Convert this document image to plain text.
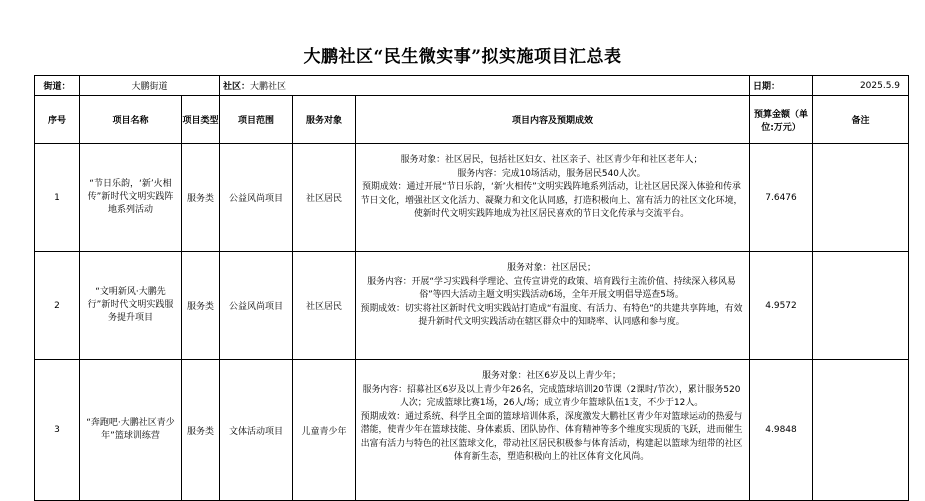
大鹏社区“民生微实事”拟实施项目汇总表
街道：	大鹏街道		社区：大鹏社区			日期：	2025.5.9
序号	项目名称	项目类型	项目范围	服务对象	项目内容及预期成效	预算金额（单位:万元）	备注
1	“节日乐韵，‘新’火相传”新时代文明实践阵地系列活动	服务类	公益风尚项目	社区居民	服务对象：社区居民，包括社区妇女、社区亲子、社区青少年和社区老年人；
服务内容：完成10场活动，服务居民540人次。
预期成效：通过开展“节日乐韵，‘新’火相传”文明实践阵地系列活动，让社区居民深入体验和传承节日文化，增强社区文化活力、凝聚力和文化认同感，打造积极向上、富有活力的社区文化环境，使新时代文明实践阵地成为社区居民喜欢的节日文化传承与交流平台。	7.6476	
2	“文明新风·大鹏先行”新时代文明实践服务提升项目	服务类	公益风尚项目	社区居民	服务对象：社区居民；
服务内容：开展“学习实践科学理论、宣传宣讲党的政策、培育践行主流价值、持续深入移风易俗”等四大活动主题文明实践活动6场，全年开展文明倡导巡查5场。
预期成效：切实将社区新时代文明实践站打造成“有温度、有活力、有特色”的共建共享阵地，有效提升新时代文明实践活动在辖区群众中的知晓率、认同感和参与度。	4.9572	
3	“奔跑吧·大鹏社区青少年”篮球训练营	服务类	文体活动项目	儿童青少年	服务对象：社区6岁及以上青少年；
服务内容：招募社区6岁及以上青少年26名，完成篮球培训20节课（2课时/节次），累计服务520人次；完成篮球比赛1场，26人/场；成立青少年篮球队伍1支，不少于12人。
预期成效：通过系统、科学且全面的篮球培训体系，深度激发大鹏社区青少年对篮球运动的热爱与潜能，使青少年在篮球技能、身体素质、团队协作、体育精神等多个维度实现质的飞跃，进而催生出富有活力与特色的社区篮球文化，带动社区居民积极参与体育活动，构建起以篮球为纽带的社区体育新生态，塑造积极向上的社区体育文化风尚。	4.9848	
